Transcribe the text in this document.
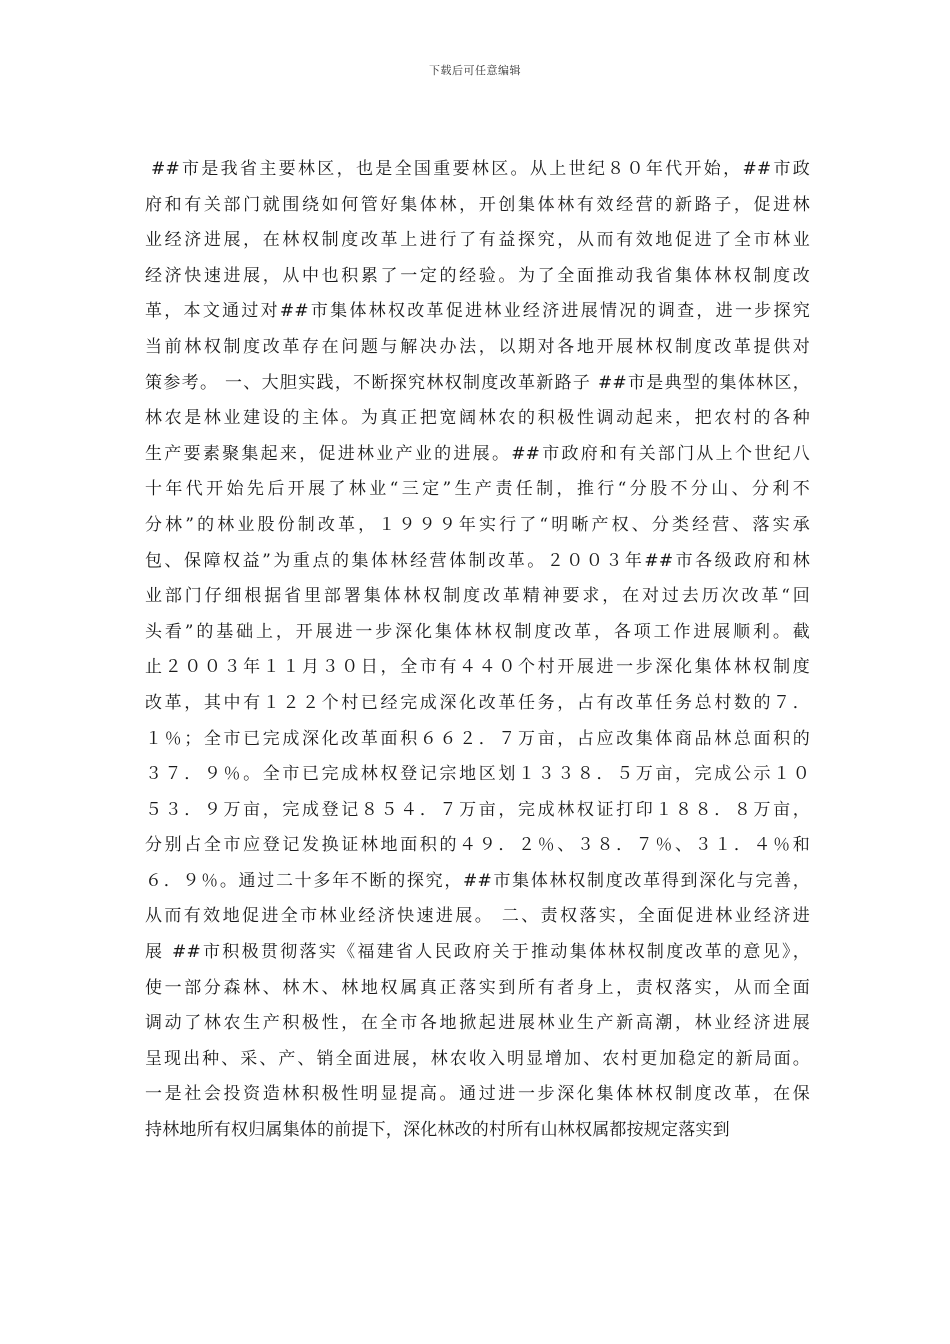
下载后可任意编辑
##市是我省主要林区，也是全国重要林区。从上世纪８０年代开始，##市政
府和有关部门就围绕如何管好集体林，开创集体林有效经营的新路子，促进林
业经济进展，在林权制度改革上进行了有益探究，从而有效地促进了全市林业
经济快速进展，从中也积累了一定的经验。为了全面推动我省集体林权制度改
革，本文通过对##市集体林权改革促进林业经济进展情况的调查，进一步探究
当前林权制度改革存在问题与解决办法，以期对各地开展林权制度改革提供对
策参考。 一、大胆实践，不断探究林权制度改革新路子 ##市是典型的集体林区，
林农是林业建设的主体。为真正把宽阔林农的积极性调动起来，把农村的各种
生产要素聚集起来，促进林业产业的进展。##市政府和有关部门从上个世纪八
十年代开始先后开展了林业“三定”生产责任制，推行“分股不分山、分利不
分林”的林业股份制改革，１９９９年实行了“明晰产权、分类经营、落实承
包、保障权益”为重点的集体林经营体制改革。２００３年##市各级政府和林
业部门仔细根据省里部署集体林权制度改革精神要求，在对过去历次改革“回
头看”的基础上，开展进一步深化集体林权制度改革，各项工作进展顺利。截
止２００３年１１月３０日，全市有４４０个村开展进一步深化集体林权制度
改革，其中有１２２个村已经完成深化改革任务，占有改革任务总村数的７．
１％；全市已完成深化改革面积６６２．７万亩，占应改集体商品林总面积的
３７．９％。全市已完成林权登记宗地区划１３３８．５万亩，完成公示１０
５３．９万亩，完成登记８５４．７万亩，完成林权证打印１８８．８万亩，
分别占全市应登记发换证林地面积的４９．２％、３８．７％、３１．４％和
６．９％。通过二十多年不断的探究，##市集体林权制度改革得到深化与完善，
从而有效地促进全市林业经济快速进展。 二、责权落实，全面促进林业经济进
展 ##市积极贯彻落实《福建省人民政府关于推动集体林权制度改革的意见》，
使一部分森林、林木、林地权属真正落实到所有者身上，责权落实，从而全面
调动了林农生产积极性，在全市各地掀起进展林业生产新高潮，林业经济进展
呈现出种、采、产、销全面进展，林农收入明显增加、农村更加稳定的新局面。
一是社会投资造林积极性明显提高。通过进一步深化集体林权制度改革，在保
持林地所有权归属集体的前提下，深化林改的村所有山林权属都按规定落实到
